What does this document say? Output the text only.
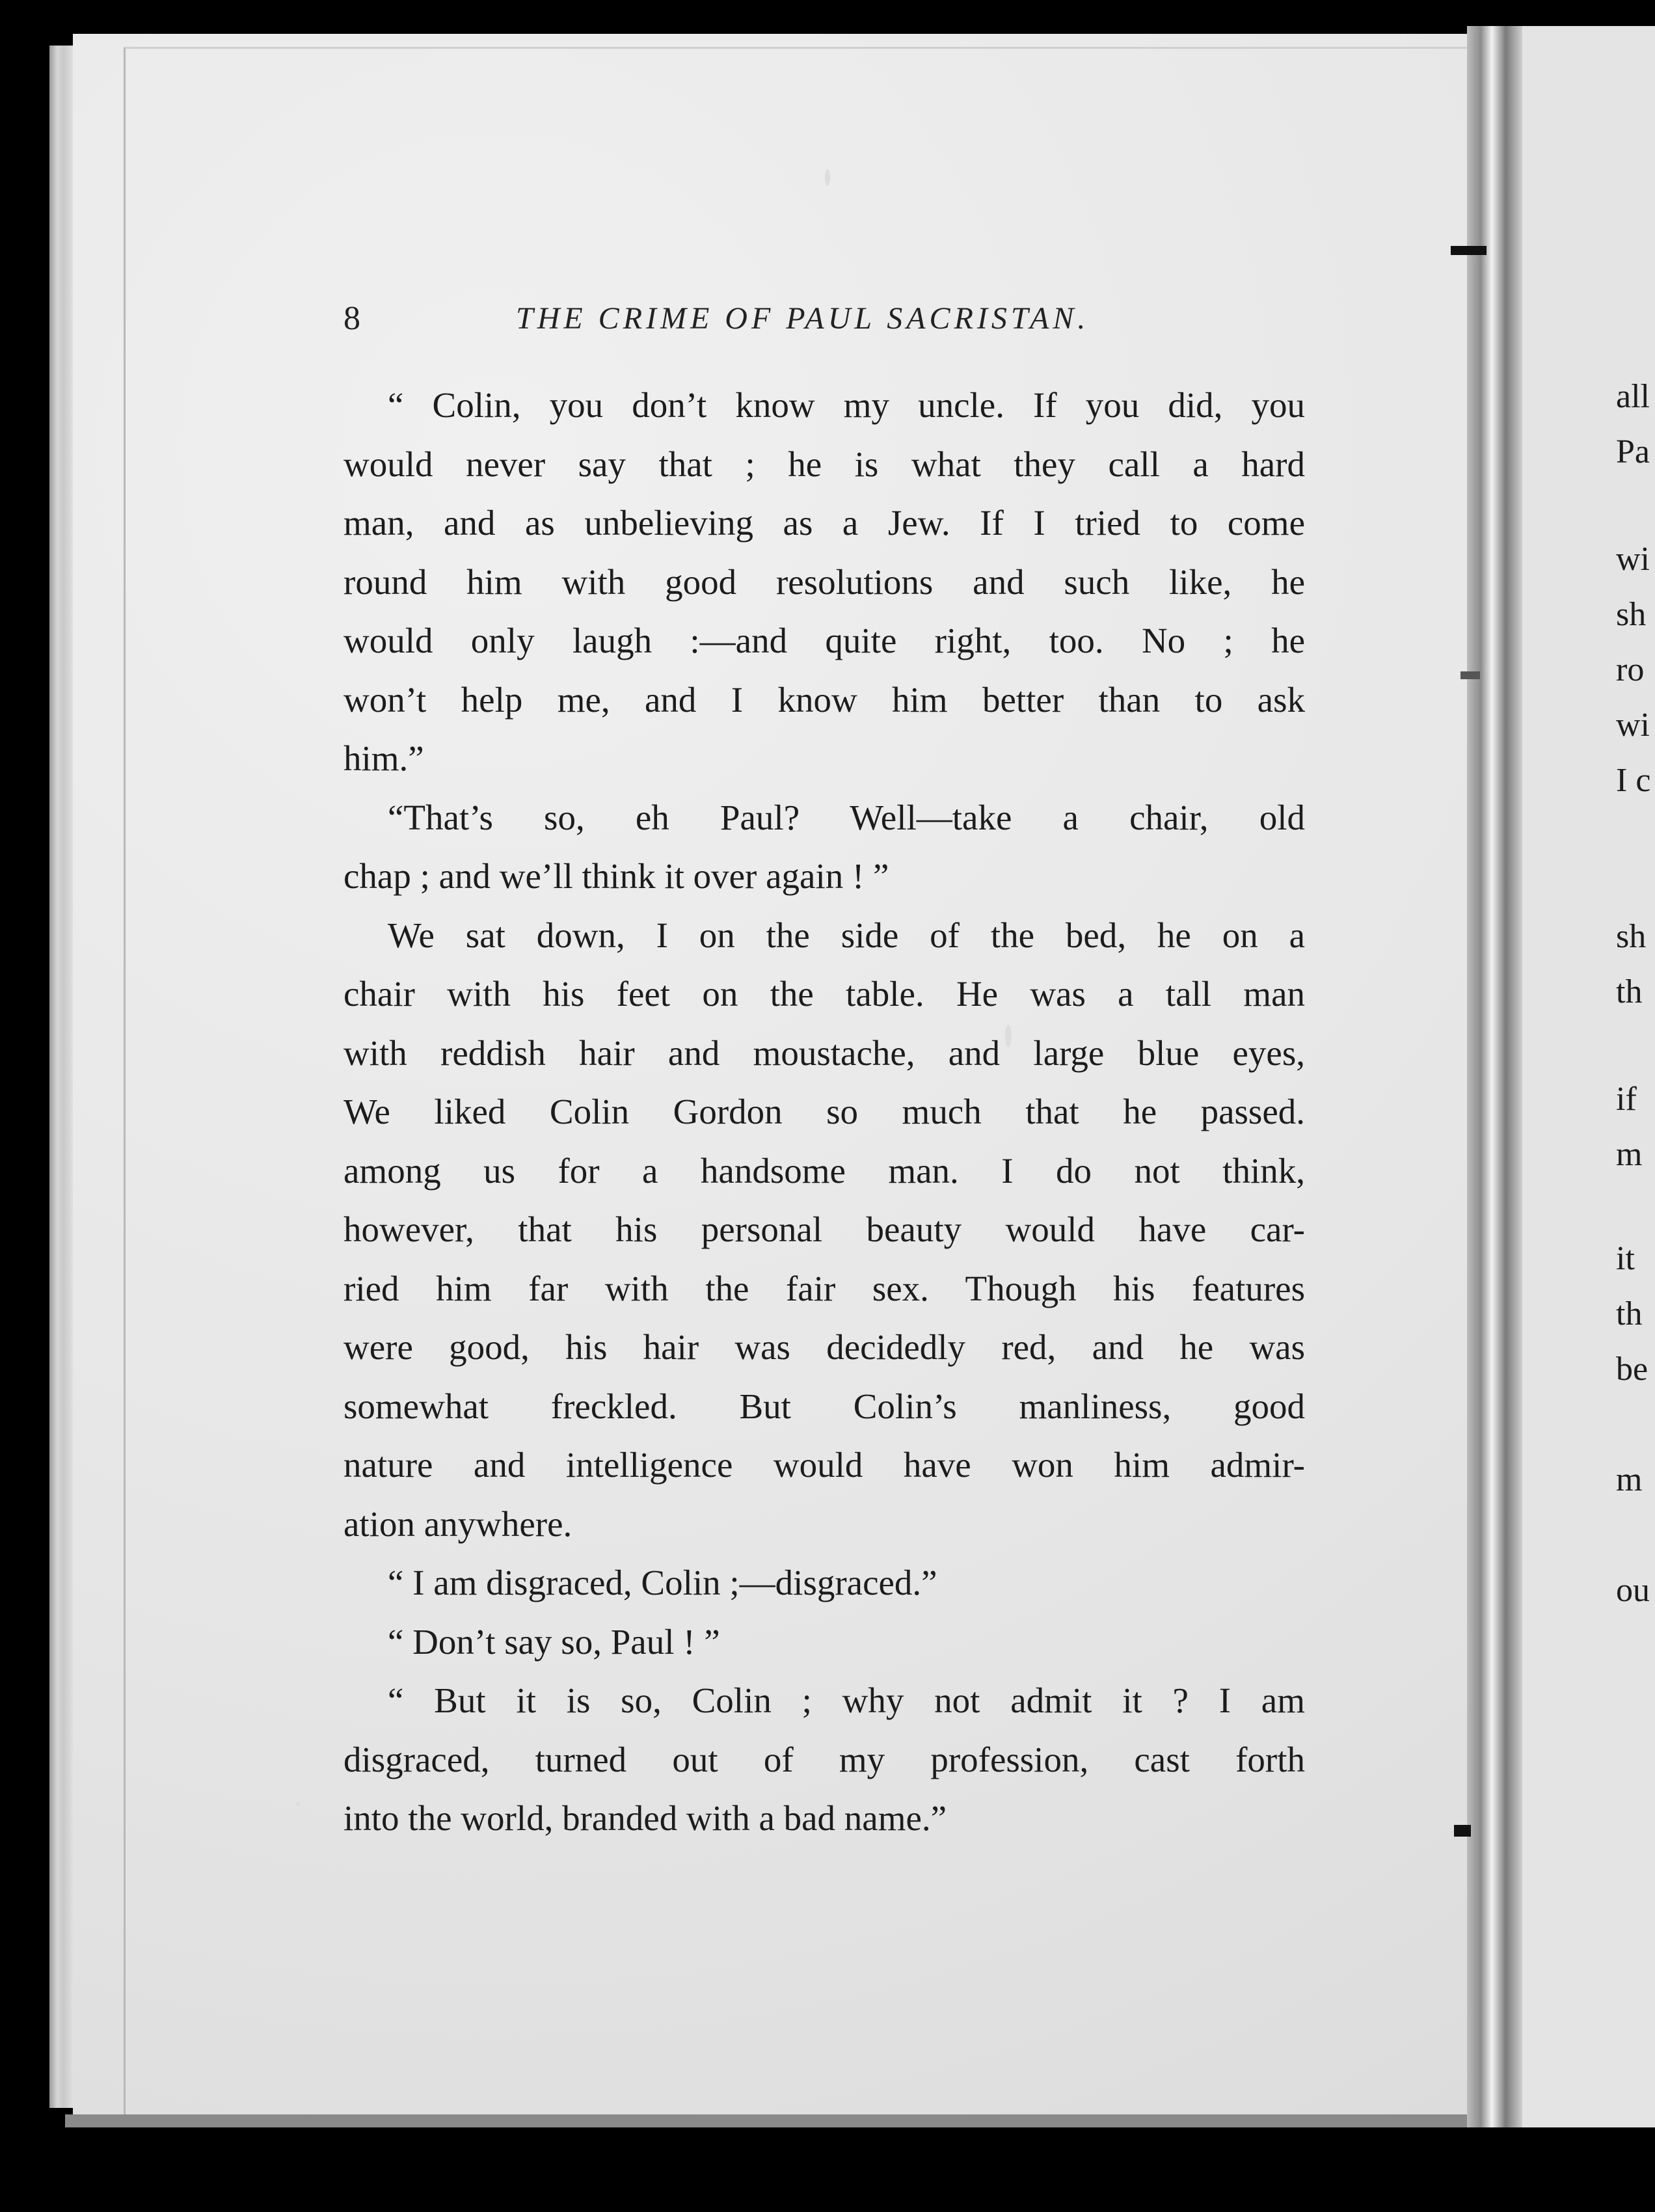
8	THE CRIME OF PAUL SACRISTAN.
“ Colin, you don’t know my uncle. If you did, you
would never say that ; he is what they call a hard
man, and as unbelieving as a Jew. If I tried to come
round him with good resolutions and such like, he
would only laugh :—and quite right, too. No ; he
won’t help me, and I know him better than to ask
him.”
“That’s so, eh Paul? Well—take a chair, old
chap ; and we’ll think it over again ! ”
We sat down, I on the side of the bed, he on a
chair with his feet on the table. He was a tall man
with reddish hair and moustache, and large blue eyes,
We liked Colin Gordon so much that he passed.
among us for a handsome man. I do not think,
however, that his personal beauty would have car-
ried him far with the fair sex. Though his features
were good, his hair was decidedly red, and he was
somewhat freckled. But Colin’s manliness, good
nature and intelligence would have won him admir-
ation anywhere.
“ I am disgraced, Colin ;—disgraced.”
“ Don’t say so, Paul ! ”
“ But it is so, Colin ; why not admit it ? I am
disgraced, turned out of my profession, cast forth
into the world, branded with a bad name.”
all
Pa
wi
sh
ro
wi
I c
sh
th
if
m
it
th
be
m
ou
